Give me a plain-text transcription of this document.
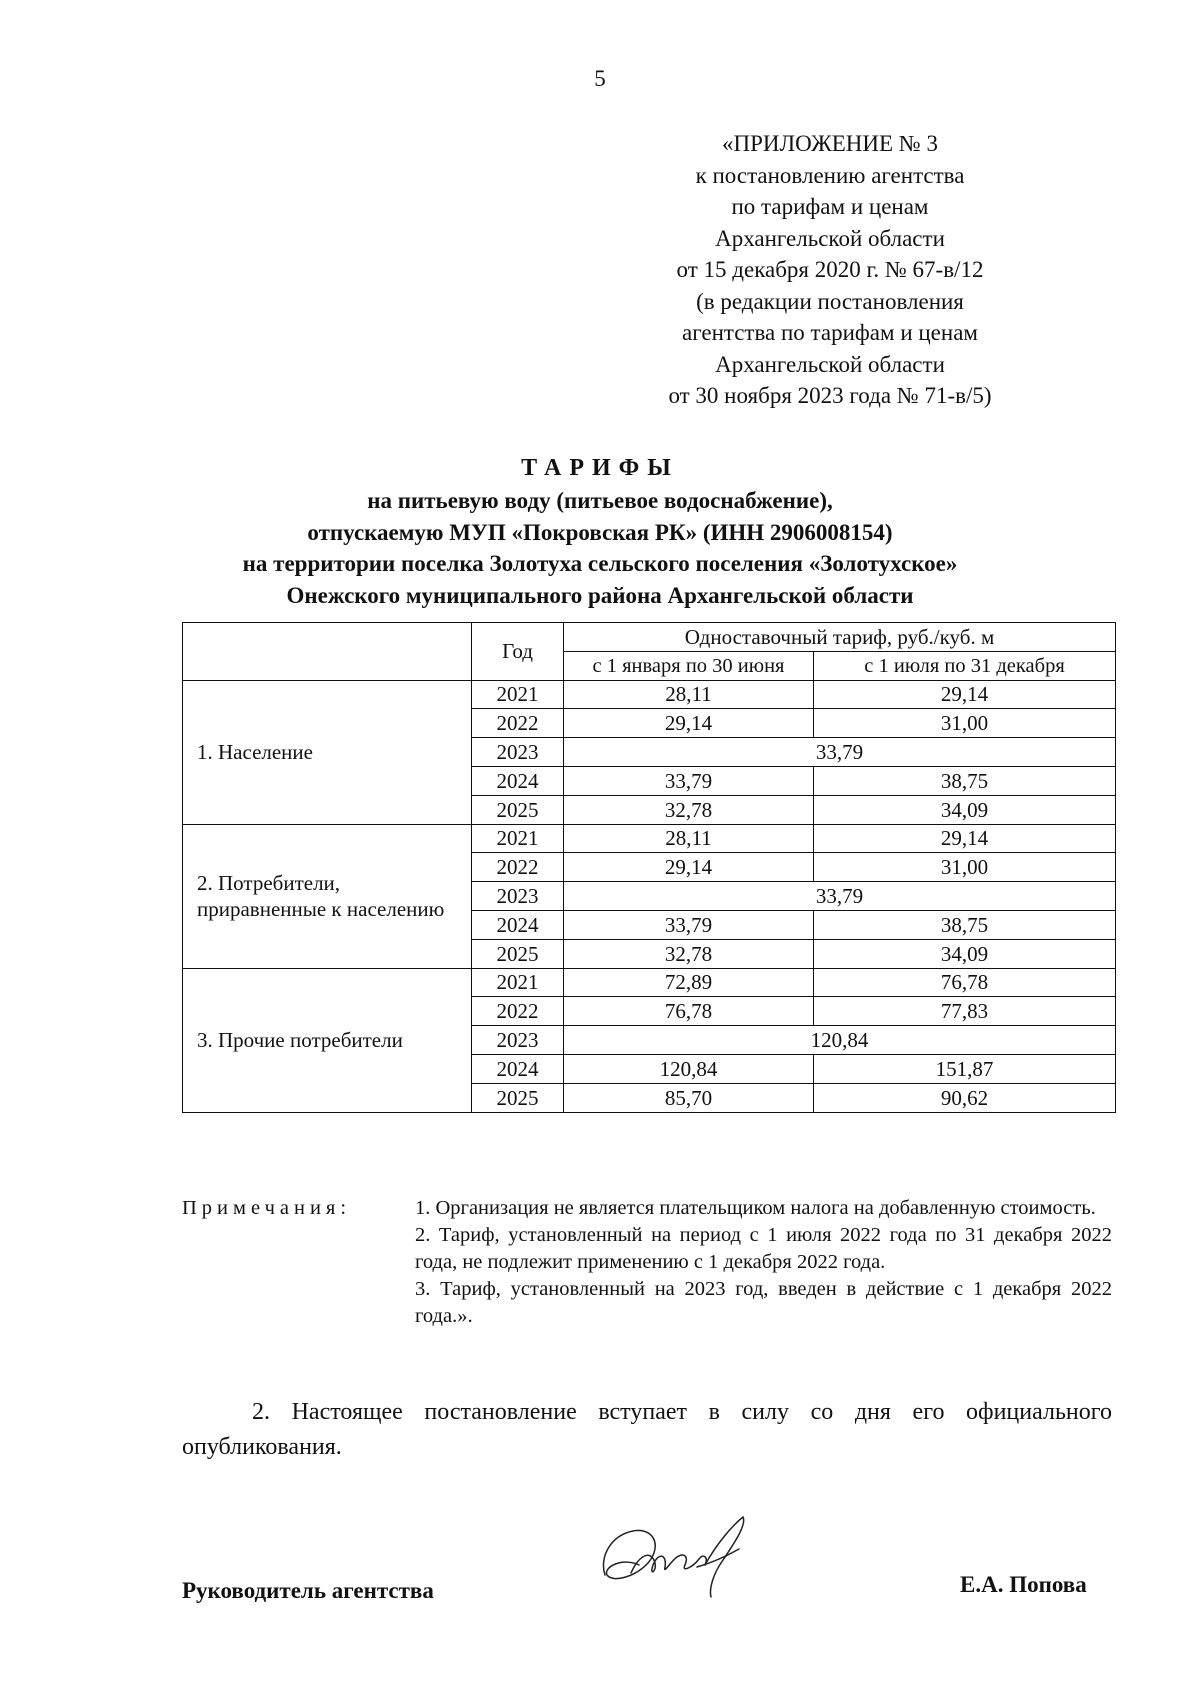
5
«ПРИЛОЖЕНИЕ № 3
к постановлению агентства
по тарифам и ценам
Архангельской области
от 15 декабря 2020 г. № 67-в/12
(в редакции постановления
агентства по тарифам и ценам
Архангельской области
от 30 ноября 2023 года № 71-в/5)
ТАРИФЫ
на питьевую воду (питьевое водоснабжение),
отпускаемую МУП «Покровская РК» (ИНН 2906008154)
на территории поселка Золотуха сельского поселения «Золотухское»
Онежского муниципального района Архангельской области
	Год	Одноставочный тариф, руб./куб. м	
		с 1 января по 30 июня	с 1 июля по 31 декабря
1. Население	2021	28,11	29,14
	2022	29,14	31,00
	2023	33,79	
	2024	33,79	38,75
	2025	32,78	34,09
2. Потребители, приравненные к населению	2021	28,11	29,14
	2022	29,14	31,00
	2023	33,79	
	2024	33,79	38,75
	2025	32,78	34,09
3. Прочие потребители	2021	72,89	76,78
	2022	76,78	77,83
	2023	120,84	
	2024	120,84	151,87
	2025	85,70	90,62
Примечания:	1. Организация не является плательщиком налога на добавленную стоимость.
2. Тариф, установленный на период с 1 июля 2022 года по 31 декабря 2022 года, не подлежит применению с 1 декабря 2022 года.
3. Тариф, установленный на 2023 год, введен в действие с 1 декабря 2022 года.».
2. Настоящее постановление вступает в силу со дня его официального опубликования.
Руководитель агентства	Е.А. Попова
